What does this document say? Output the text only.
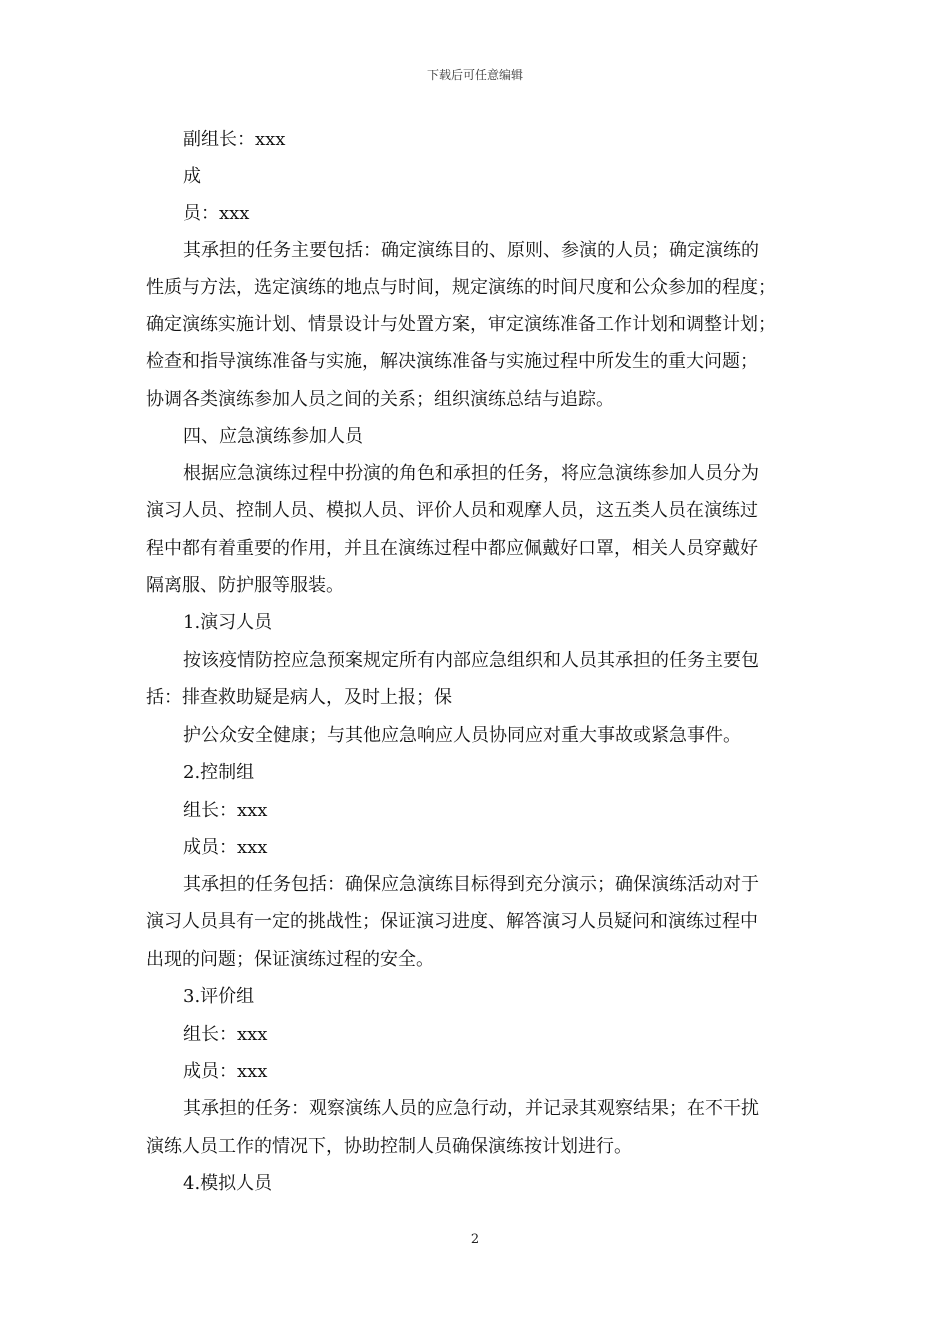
下载后可任意编辑
副组长：xxx
成
员：xxx
其承担的任务主要包括：确定演练目的、原则、参演的人员；确定演练的
性质与方法，选定演练的地点与时间，规定演练的时间尺度和公众参加的程度；
确定演练实施计划、情景设计与处置方案，审定演练准备工作计划和调整计划；
检查和指导演练准备与实施，解决演练准备与实施过程中所发生的重大问题；
协调各类演练参加人员之间的关系；组织演练总结与追踪。
四、应急演练参加人员
根据应急演练过程中扮演的角色和承担的任务，将应急演练参加人员分为
演习人员、控制人员、模拟人员、评价人员和观摩人员，这五类人员在演练过
程中都有着重要的作用，并且在演练过程中都应佩戴好口罩，相关人员穿戴好
隔离服、防护服等服装。
1.演习人员
按该疫情防控应急预案规定所有内部应急组织和人员其承担的任务主要包
括：排查救助疑是病人，及时上报；保
护公众安全健康；与其他应急响应人员协同应对重大事故或紧急事件。
2.控制组
组长：xxx
成员：xxx
其承担的任务包括：确保应急演练目标得到充分演示；确保演练活动对于
演习人员具有一定的挑战性；保证演习进度、解答演习人员疑问和演练过程中
出现的问题；保证演练过程的安全。
3.评价组
组长：xxx
成员：xxx
其承担的任务：观察演练人员的应急行动，并记录其观察结果；在不干扰
演练人员工作的情况下，协助控制人员确保演练按计划进行。
4.模拟人员
2
